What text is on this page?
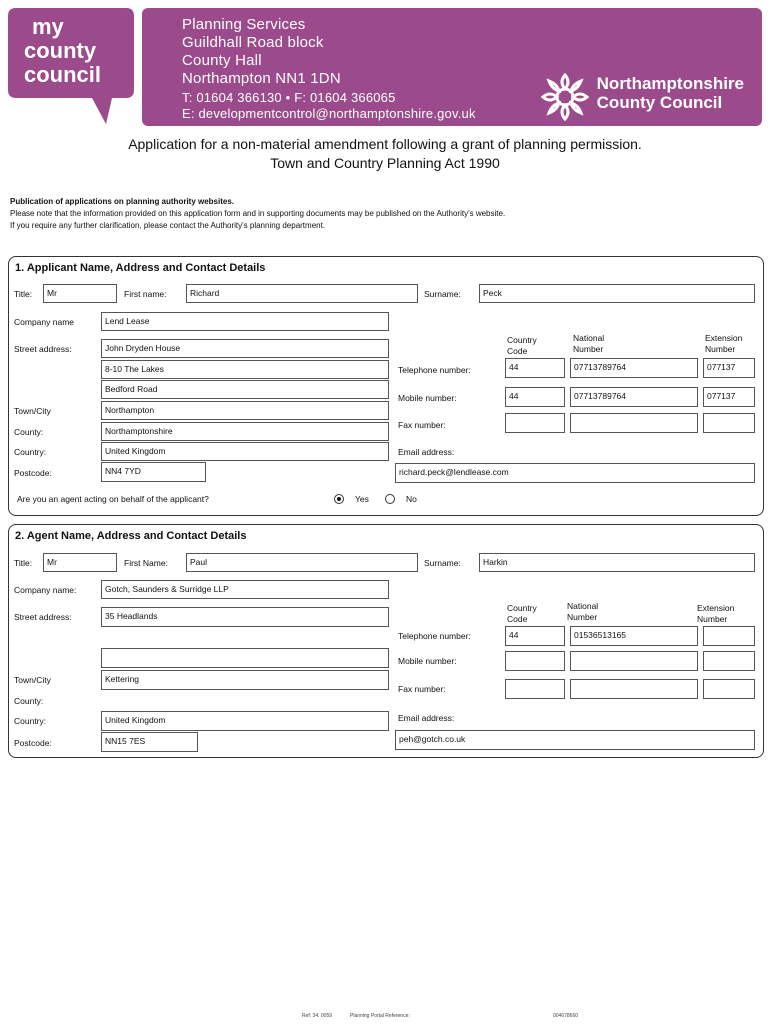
my
county
council
Planning Services
Guildhall Road block
County Hall
Northampton NN1 1DN
T: 01604 366130 • F: 01604 366065
E: developmentcontrol@northamptonshire.gov.uk
Northamptonshire
County Council
Application for a non-material amendment following a grant of planning permission.
Town and Country Planning Act 1990
Publication of applications on planning authority websites.
Please note that the information provided on this application form and in supporting documents may be published on the Authority's website.
If you require any further clarification, please contact the Authority's planning department.
1. Applicant Name, Address and Contact Details
Title:	Mr	First name:	Richard	Surname:	Peck
Company name	Lend Lease
Street address:	John Dryden House
8-10 The Lakes
Bedford Road
Town/City	Northampton
County:	Northamptonshire
Country:	United Kingdom
Postcode:	NN4 7YD
Country
Code
National
Number
Extension
Number
Telephone number:	44	07713789764	077137
Mobile number:	44	07713789764	077137
Fax number:
Email address:
richard.peck@lendlease.com
Are you an agent acting on behalf of the applicant?	Yes	No
2. Agent Name, Address and Contact Details
Title:	Mr	First Name:	Paul	Surname:	Harkin
Company name:	Gotch, Saunders & Surridge LLP
Street address:	35 Headlands
Town/City	Kettering
County:
Country:	United Kingdom
Postcode:	NN15 7ES
Country
Code
National
Number
Extension
Number
Telephone number:	44	01536513165
Mobile number:
Fax number:
Email address:
peh@gotch.co.uk
Ref: 34: 0059	Planning Portal Reference:	004678660
